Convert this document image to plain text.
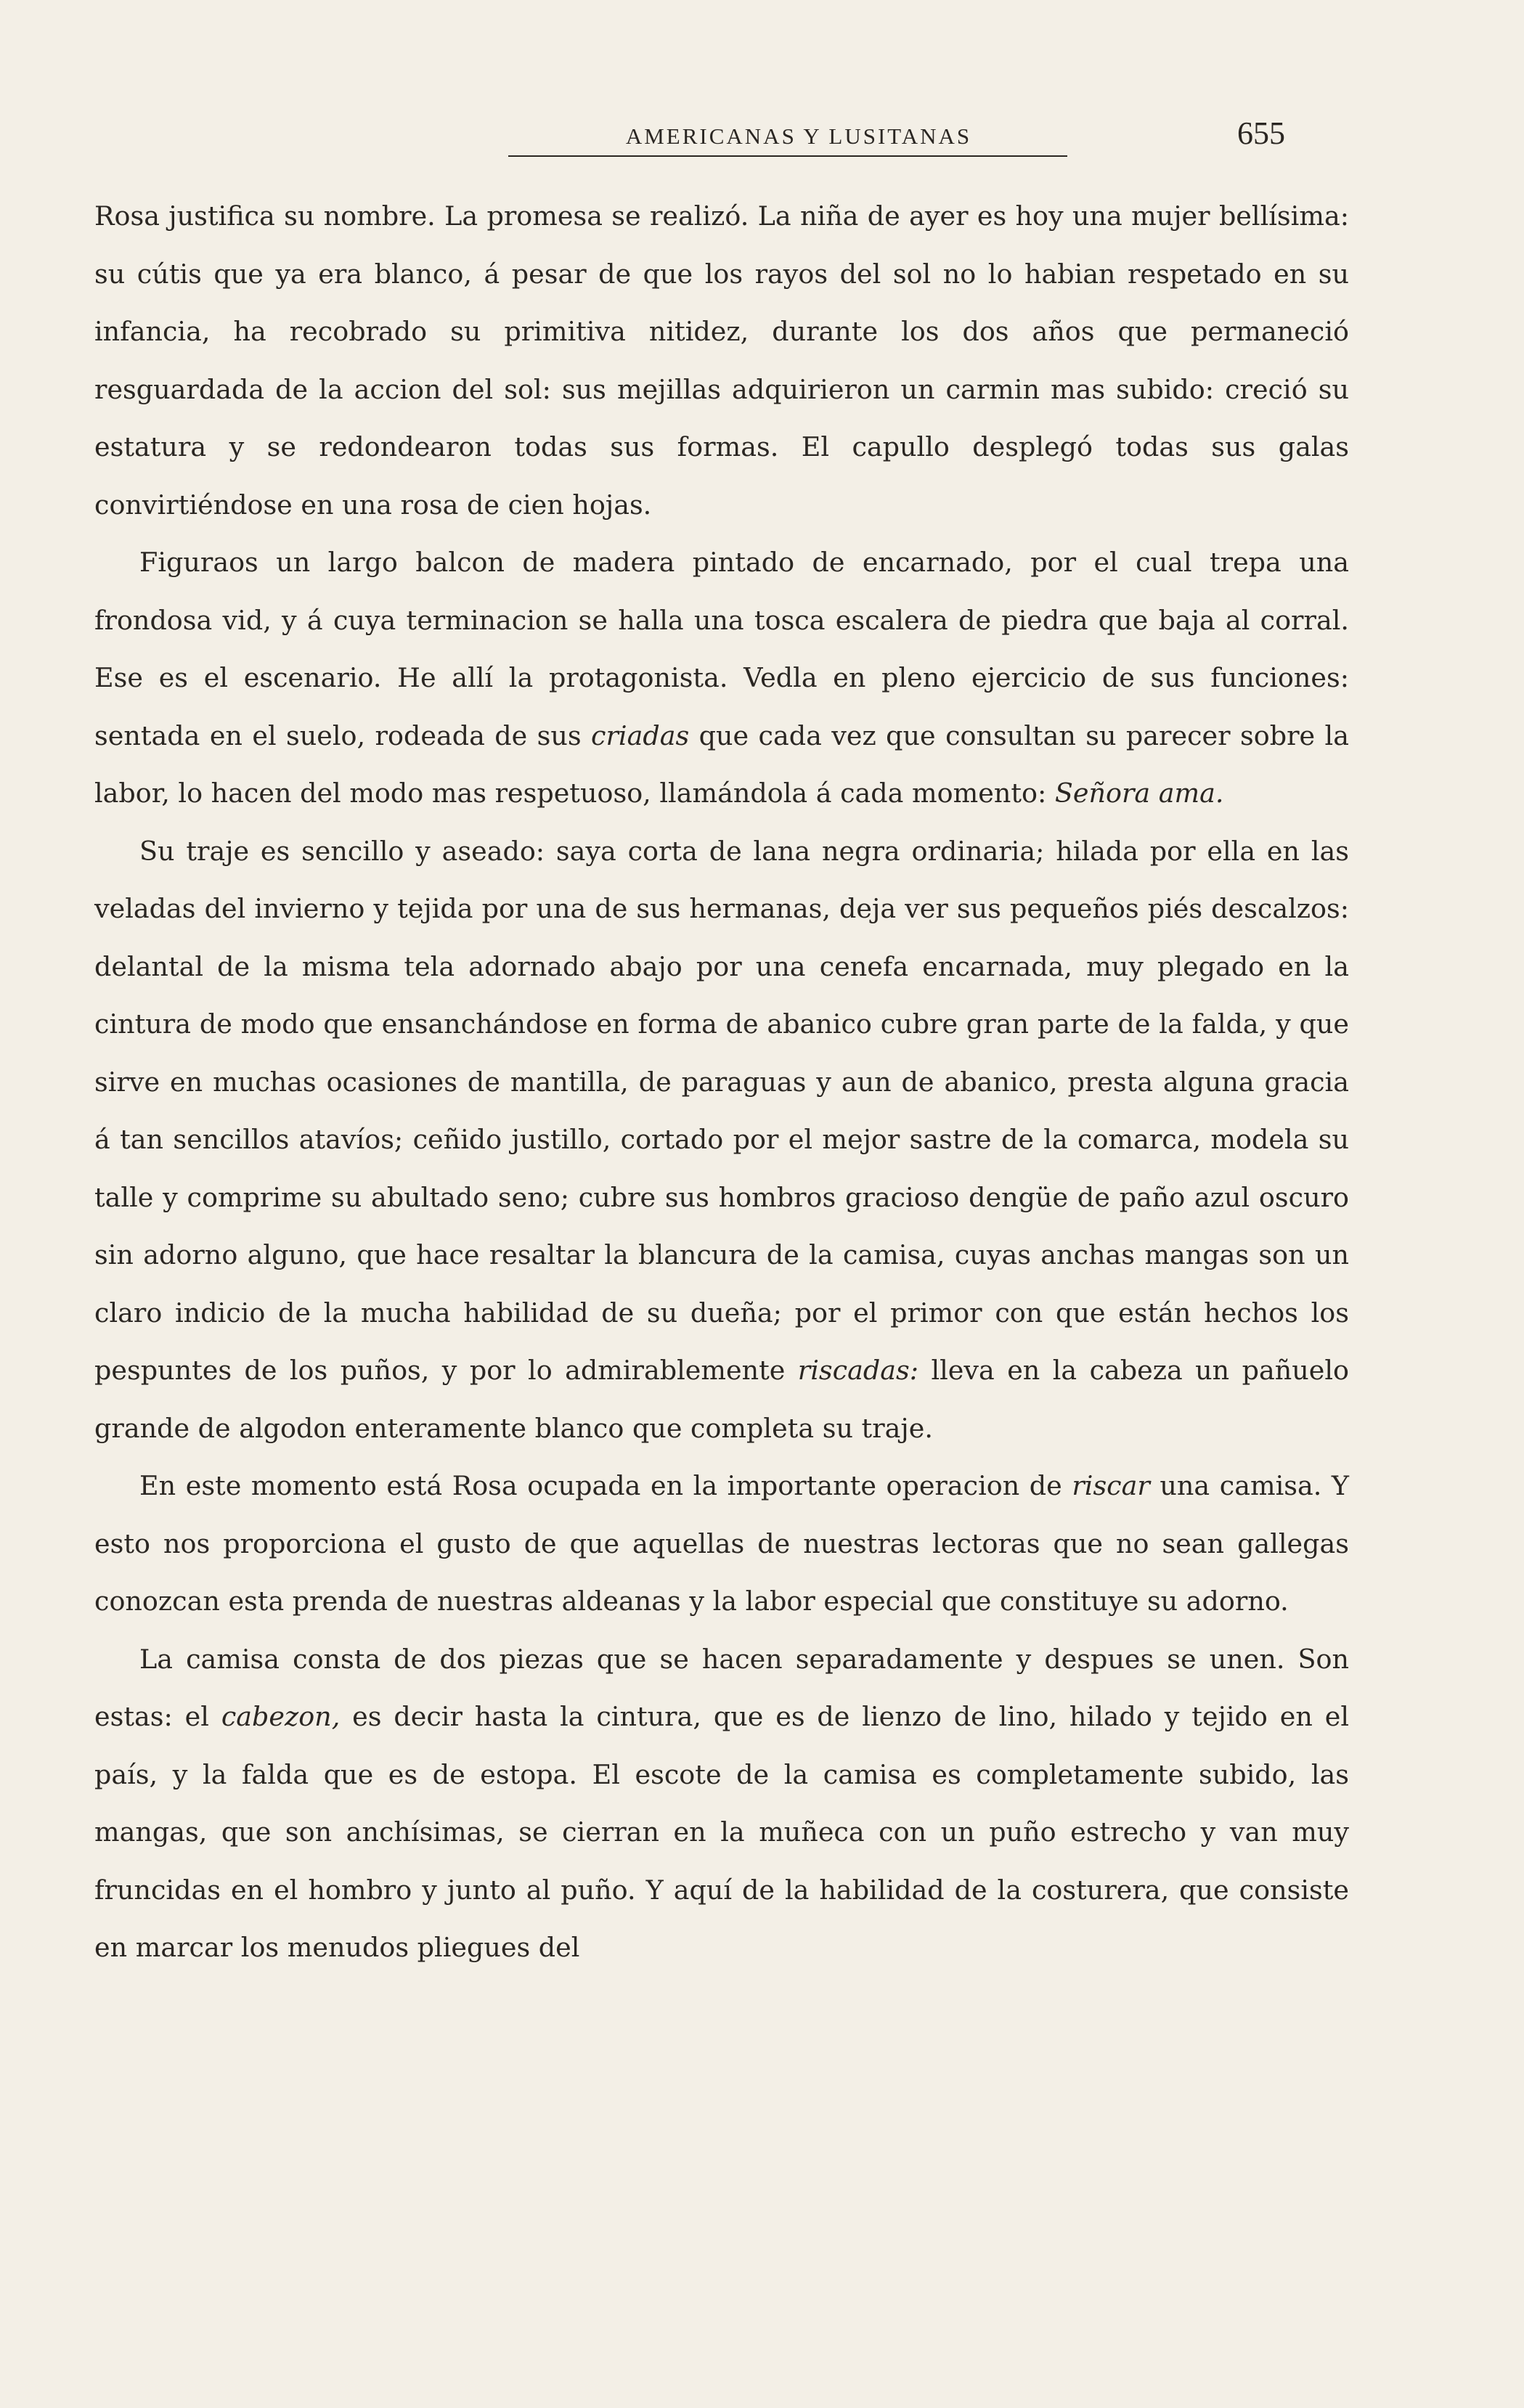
AMERICANAS Y LUSITANAS	655

Rosa justifica su nombre. La promesa se realizó. La niña de ayer es hoy una mujer bellísima: su cútis que ya era blanco, á pesar de que los rayos del sol no lo habian respetado en su infancia, ha recobrado su primitiva nitidez, durante los dos años que permaneció resguardada de la accion del sol: sus mejillas adquirieron un carmin mas subido: creció su estatura y se redondearon todas sus formas. El capullo desplegó todas sus galas convirtiéndose en una rosa de cien hojas.

Figuraos un largo balcon de madera pintado de encarnado, por el cual trepa una frondosa vid, y á cuya terminacion se halla una tosca escalera de piedra que baja al corral. Ese es el escenario. He allí la protagonista. Vedla en pleno ejercicio de sus funciones: sentada en el suelo, rodeada de sus criadas que cada vez que consultan su parecer sobre la labor, lo hacen del modo mas respetuoso, llamándola á cada momento: Señora ama.

Su traje es sencillo y aseado: saya corta de lana negra ordinaria; hilada por ella en las veladas del invierno y tejida por una de sus hermanas, deja ver sus pequeños piés descalzos: delantal de la misma tela adornado abajo por una cenefa encarnada, muy plegado en la cintura de modo que ensanchándose en forma de abanico cubre gran parte de la falda, y que sirve en muchas ocasiones de mantilla, de paraguas y aun de abanico, presta alguna gracia á tan sencillos atavíos; ceñido justillo, cortado por el mejor sastre de la comarca, modela su talle y comprime su abultado seno; cubre sus hombros gracioso dengüe de paño azul oscuro sin adorno alguno, que hace resaltar la blancura de la camisa, cuyas anchas mangas son un claro indicio de la mucha habilidad de su dueña; por el primor con que están hechos los pespuntes de los puños, y por lo admirablemente riscadas: lleva en la cabeza un pañuelo grande de algodon enteramente blanco que completa su traje.

En este momento está Rosa ocupada en la importante operacion de riscar una camisa. Y esto nos proporciona el gusto de que aquellas de nuestras lectoras que no sean gallegas conozcan esta prenda de nuestras aldeanas y la labor especial que constituye su adorno.

La camisa consta de dos piezas que se hacen separadamente y despues se unen. Son estas: el cabezon, es decir hasta la cintura, que es de lienzo de lino, hilado y tejido en el país, y la falda que es de estopa. El escote de la camisa es completamente subido, las mangas, que son anchísimas, se cierran en la muñeca con un puño estrecho y van muy fruncidas en el hombro y junto al puño. Y aquí de la habilidad de la costurera, que consiste en marcar los menudos pliegues del
